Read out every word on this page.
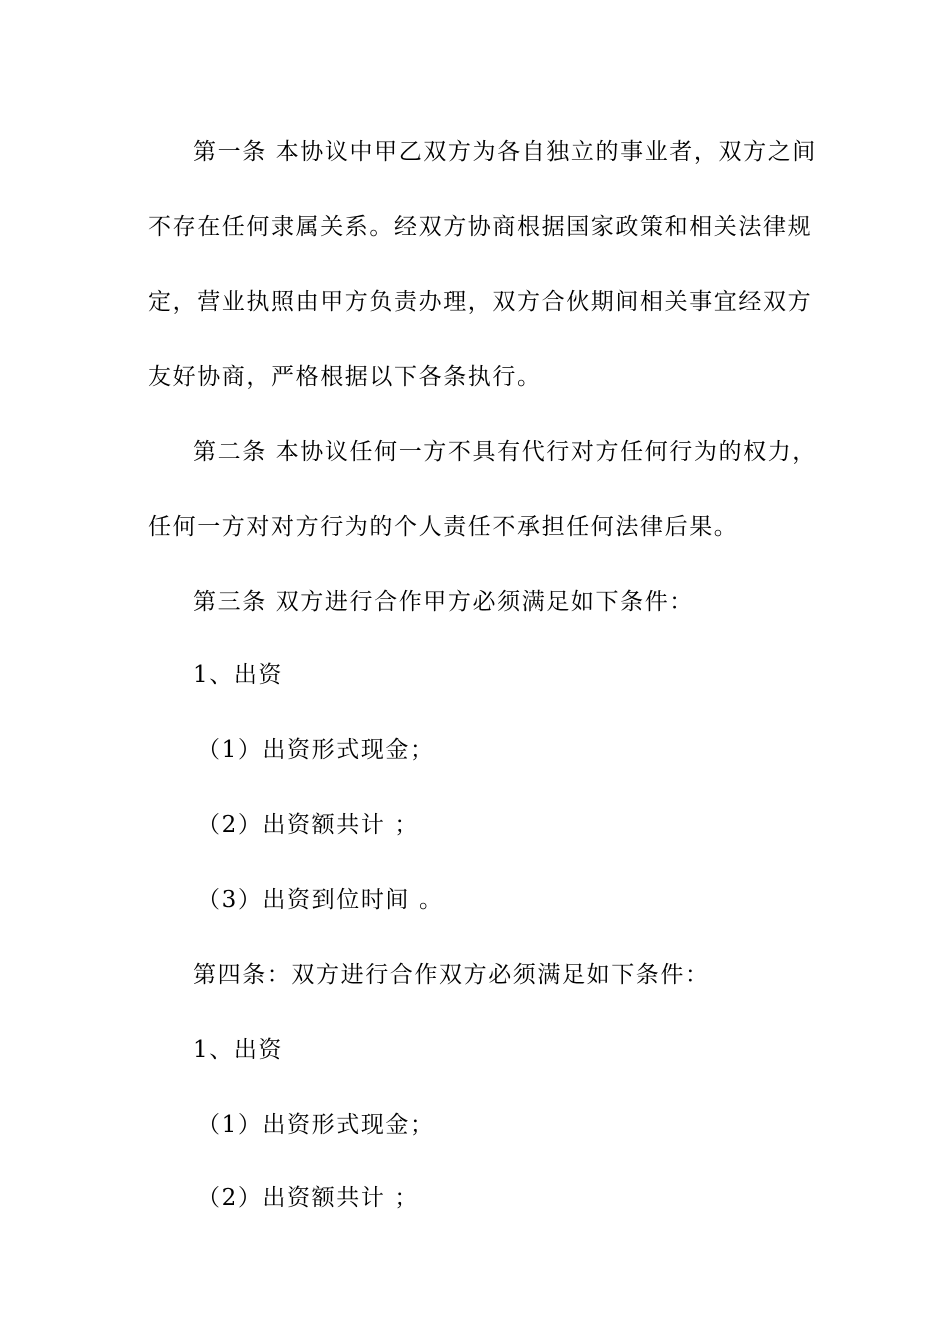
第一条 本协议中甲乙双方为各自独立的事业者，双方之间
不存在任何隶属关系。经双方协商根据国家政策和相关法律规
定，营业执照由甲方负责办理，双方合伙期间相关事宜经双方
友好协商，严格根据以下各条执行。
第二条 本协议任何一方不具有代行对方任何行为的权力，
任何一方对对方行为的个人责任不承担任何法律后果。
第三条 双方进行合作甲方必须满足如下条件：
1、出资
（1）出资形式现金；
（2）出资额共计 ；
（3）出资到位时间 。
第四条：双方进行合作双方必须满足如下条件：
1、出资
（1）出资形式现金；
（2）出资额共计 ；
